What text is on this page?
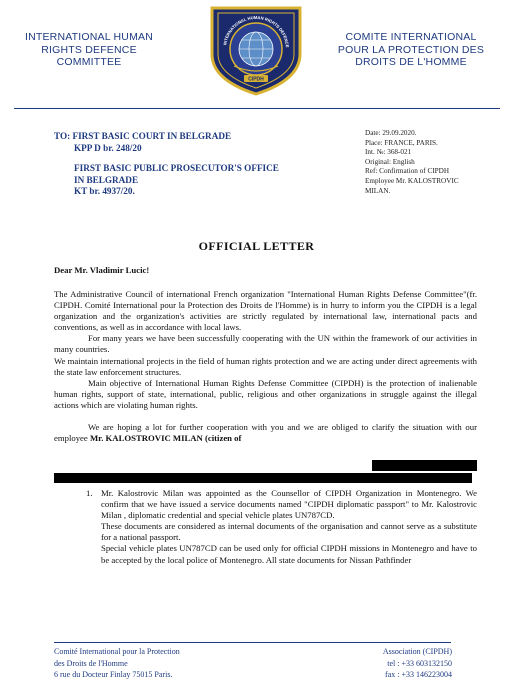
INTERNATIONAL HUMAN
RIGHTS DEFENCE
COMMITTEE
COMITE INTERNATIONAL
POUR LA PROTECTION DES
DROITS DE L'HOMME
INTERNATIONAL HUMAN RIGHTS DEFENCE
CIPDH
TO: FIRST BASIC COURT IN BELGRADE
KPP D br. 248/20
FIRST BASIC PUBLIC PROSECUTOR'S OFFICE
IN BELGRADE
KT br. 4937/20.
Date: 29.09.2020.
Place: FRANCE, PARIS.
Int. №: 368-021
Original: English
Ref: Confirmation of CIPDH
Employee Mr. KALOSTROVIC
MILAN.
OFFICIAL LETTER
Dear Mr. Vladimir Lucic!
The Administrative Council of international French organization "International Human Rights Defense Committee"(fr. CIPDH. Comité International pour la Protection des Droits de l'Homme) is in hurry to inform you the CIPDH is a legal organization and the organization's activities are strictly regulated by international law, international pacts and conventions, as well as in accordance with local laws.
For many years we have been successfully cooperating with the UN within the framework of our activities in many countries.
We maintain international projects in the field of human rights protection and we are acting under direct agreements with the state law enforcement structures.
Main objective of International Human Rights Defense Committee (CIPDH) is the protection of inalienable human rights, support of state, international, public, religious and other organizations in struggle against the illegal actions which are violating human rights.
We are hoping a lot for further cooperation with you and we are obliged to clarify the situation with our employee Mr. KALOSTROVIC MILAN (citizen of
1. Mr. Kalostrovic Milan was appointed as the Counsellor of CIPDH Organization in Montenegro. We confirm that we have issued a service documents named "CIPDH diplomatic passport" to Mr. Kalostrovic Milan , diplomatic credential and special vehicle plates UN787CD.
These documents are considered as internal documents of the organisation and cannot serve as a substitute for a national passport.
Special vehicle plates UN787CD can be used only for official CIPDH missions in Montenegro and have to be accepted by the local police of Montenegro. All state documents for Nissan Pathfinder
Comité International pour la Protection
des Droits de l'Homme
6 rue du Docteur Finlay 75015 Paris.
Association (CIPDH)
tel : +33 603132150
fax : +33 146223004
